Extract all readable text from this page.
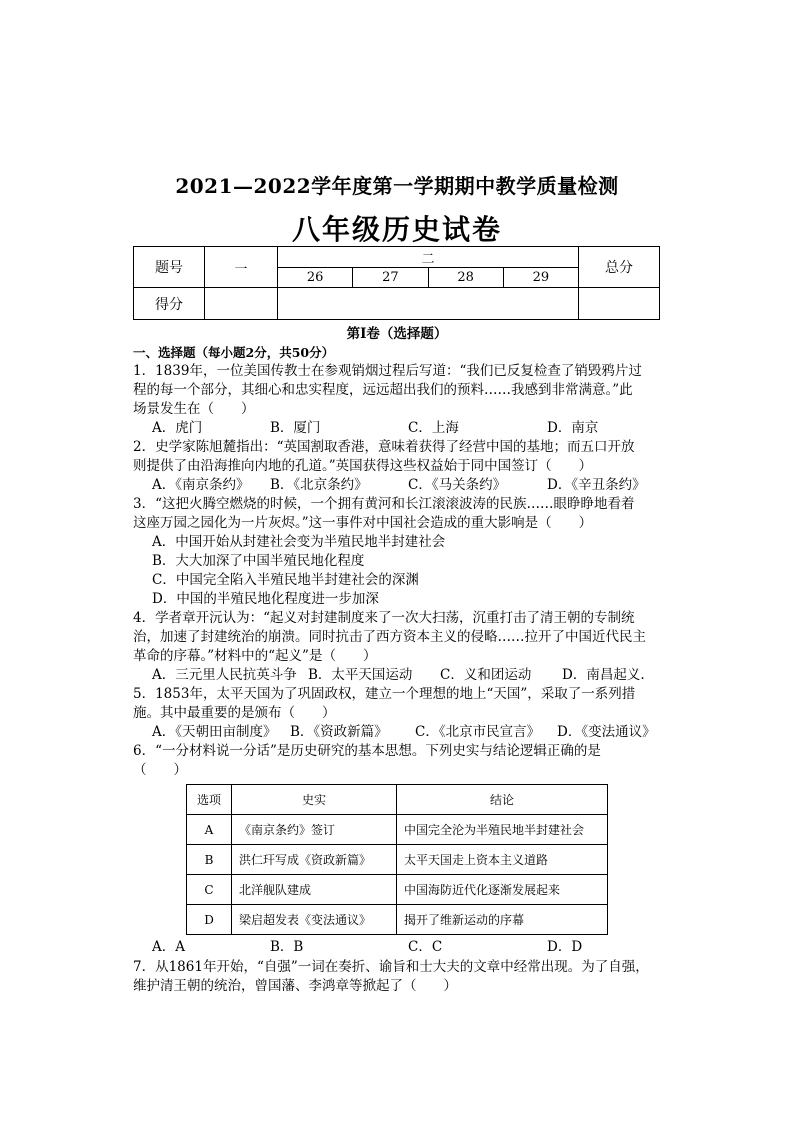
2021—2022学年度第一学期期中教学质量检测
八年级历史试卷
题号	一	二				总分
		26	27	28	29	
得分						
第Ⅰ卷（选择题）
一、选择题（每小题2分，共50分）
1．1839年，一位美国传教士在参观销烟过程后写道：“我们已反复检查了销毁鸦片过
程的每一个部分，其细心和忠实程度，远远超出我们的预料……我感到非常满意。”此
场景发生在（　　）
A．虎门	B．厦门	C．上海	D．南京
2．史学家陈旭麓指出：“英国割取香港，意味着获得了经营中国的基地；而五口开放
则提供了由沿海推向内地的孔道。”英国获得这些权益始于同中国签订（　　）
A．《南京条约》 B．《北京条约》	C．《马关条约》	D．《辛丑条约》
3．“这把火腾空燃烧的时候，一个拥有黄河和长江滚滚波涛的民族……眼睁睁地看着
这座万园之园化为一片灰烬。”这一事件对中国社会造成的重大影响是（　　）
A．中国开始从封建社会变为半殖民地半封建社会
B．大大加深了中国半殖民地化程度
C．中国完全陷入半殖民地半封建社会的深渊
D．中国的半殖民地化程度进一步加深
4．学者章开沅认为：“起义对封建制度来了一次大扫荡，沉重打击了清王朝的专制统
治，加速了封建统治的崩溃。同时抗击了西方资本主义的侵略……拉开了中国近代民主
革命的序幕。”材料中的“起义”是（　　）
A．三元里人民抗英斗争 B．太平天国运动 C．义和团运动 D．南昌起义.
5．1853年，太平天国为了巩固政权，建立一个理想的地上“天国”，采取了一系列措
施。其中最重要的是颁布（　　）
A．《天朝田亩制度》 B．《资政新篇》 C．《北京市民宣言》 D．《变法通议》
6．“一分材料说一分话”是历史研究的基本思想。下列史实与结论逻辑正确的是
（　　）
选项	史实	结论
A	《南京条约》签订	中国完全沦为半殖民地半封建社会
B	洪仁玕写成《资政新篇》	太平天国走上资本主义道路
C	北洋舰队建成	中国海防近代化逐渐发展起来
D	梁启超发表《变法通议》	揭开了维新运动的序幕
A．A	B．B	C．C	D．D
7．从1861年开始，“自强”一词在奏折、谕旨和士大夫的文章中经常出现。为了自强，
维护清王朝的统治，曾国藩、李鸿章等掀起了（　　）
